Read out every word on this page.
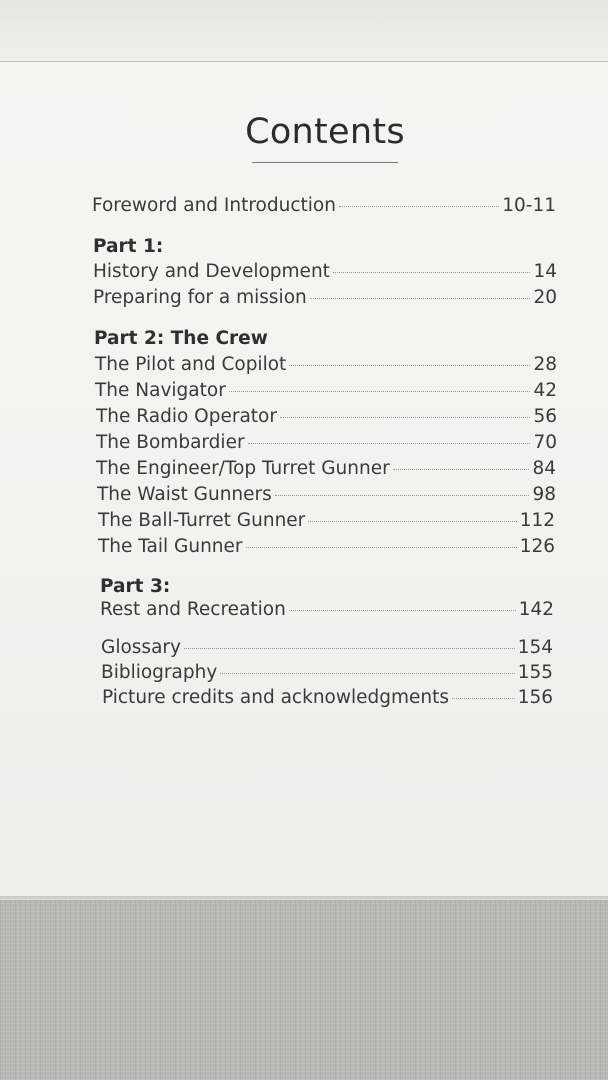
Contents
Foreword and Introduction	10-11
Part 1:
History and Development	14
Preparing for a mission	20
Part 2: The Crew
The Pilot and Copilot	28
The Navigator	42
The Radio Operator	56
The Bombardier	70
The Engineer/Top Turret Gunner	84
The Waist Gunners	98
The Ball-Turret Gunner	112
The Tail Gunner	126
Part 3:
Rest and Recreation	142
Glossary	154
Bibliography	155
Picture credits and acknowledgments	156
